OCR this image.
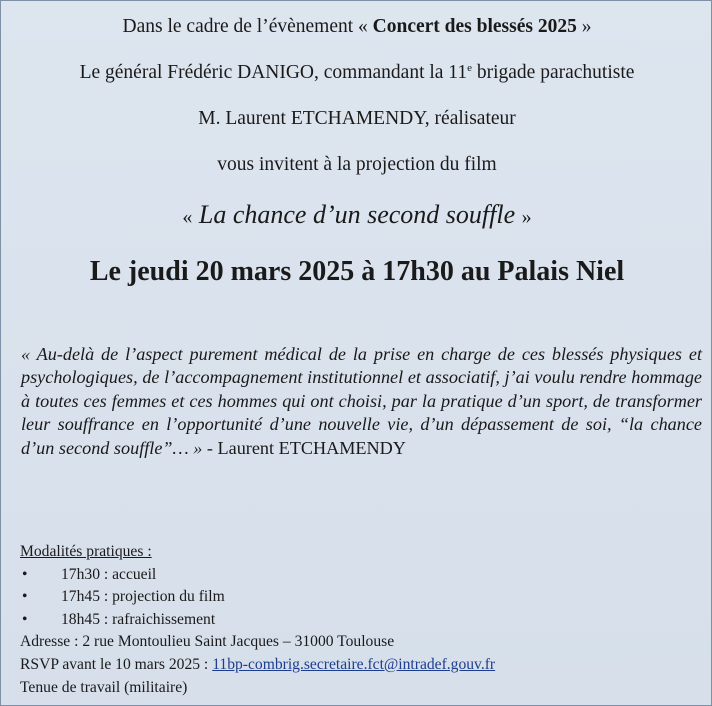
Dans le cadre de l’évènement « Concert des blessés 2025 »
Le général Frédéric DANIGO, commandant la 11e brigade parachutiste
M. Laurent ETCHAMENDY, réalisateur
vous invitent à la projection du film
« La chance d’un second souffle »
Le jeudi 20 mars 2025 à 17h30 au Palais Niel
« Au-delà de l’aspect purement médical de la prise en charge de ces blessés physiques et psychologiques, de l’accompagnement institutionnel et associatif, j’ai voulu rendre hommage à toutes ces femmes et ces hommes qui ont choisi, par la pratique d’un sport, de transformer leur souffrance en l’opportunité d’une nouvelle vie, d’un dépassement de soi, “la chance d’un second souffle”… » - Laurent ETCHAMENDY
Modalités pratiques :
•	17h30 : accueil
•	17h45 : projection du film
•	18h45 : rafraichissement
Adresse : 2 rue Montoulieu Saint Jacques – 31000 Toulouse
RSVP avant le 10 mars 2025 : 11bp-combrig.secretaire.fct@intradef.gouv.fr
Tenue de travail (militaire)
